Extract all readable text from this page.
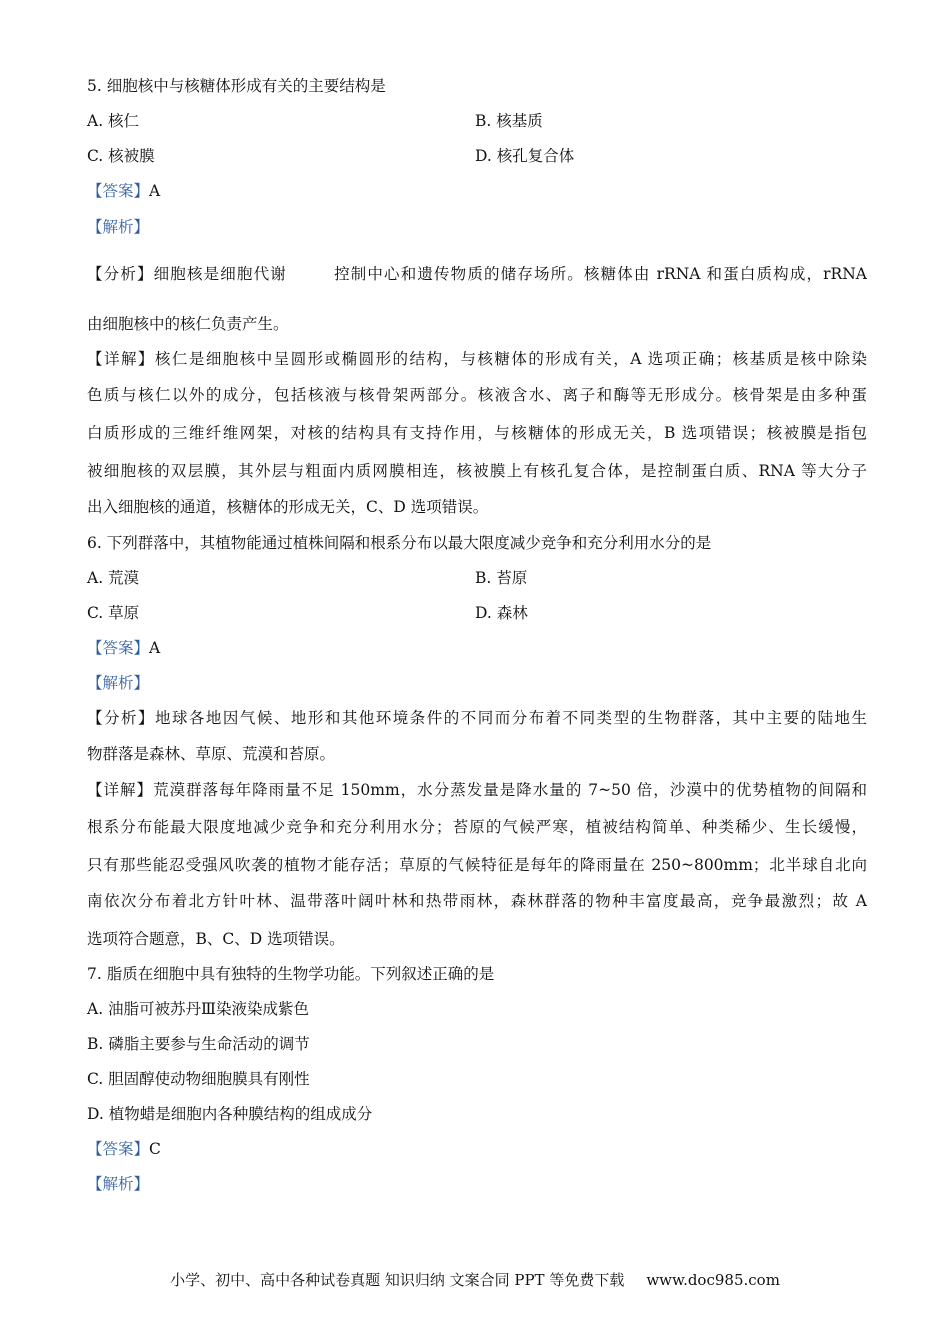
5. 细胞核中与核糖体形成有关的主要结构是
A. 核仁	B. 核基质
C. 核被膜	D. 核孔复合体
【答案】A
【解析】
【分析】细胞核是细胞代谢	控制中心和遗传物质的储存场所。核糖体由 rRNA 和蛋白质构成，rRNA
由细胞核中的核仁负责产生。
【详解】核仁是细胞核中呈圆形或椭圆形的结构，与核糖体的形成有关，A 选项正确；核基质是核中除染
色质与核仁以外的成分，包括核液与核骨架两部分。核液含水、离子和酶等无形成分。核骨架是由多种蛋
白质形成的三维纤维网架，对核的结构具有支持作用，与核糖体的形成无关，B 选项错误；核被膜是指包
被细胞核的双层膜，其外层与粗面内质网膜相连，核被膜上有核孔复合体，是控制蛋白质、RNA 等大分子
出入细胞核的通道，核糖体的形成无关，C、D 选项错误。
6. 下列群落中，其植物能通过植株间隔和根系分布以最大限度减少竞争和充分利用水分的是
A. 荒漠	B. 苔原
C. 草原	D. 森林
【答案】A
【解析】
【分析】地球各地因气候、地形和其他环境条件的不同而分布着不同类型的生物群落，其中主要的陆地生
物群落是森林、草原、荒漠和苔原。
【详解】荒漠群落每年降雨量不足 150mm，水分蒸发量是降水量的 7~50 倍，沙漠中的优势植物的间隔和
根系分布能最大限度地减少竞争和充分利用水分；苔原的气候严寒，植被结构简单、种类稀少、生长缓慢，
只有那些能忍受强风吹袭的植物才能存活；草原的气候特征是每年的降雨量在 250~800mm；北半球自北向
南依次分布着北方针叶林、温带落叶阔叶林和热带雨林，森林群落的物种丰富度最高，竞争最激烈；故 A
选项符合题意，B、C、D 选项错误。
7. 脂质在细胞中具有独特的生物学功能。下列叙述正确的是
A. 油脂可被苏丹Ⅲ染液染成紫色
B. 磷脂主要参与生命活动的调节
C. 胆固醇使动物细胞膜具有刚性
D. 植物蜡是细胞内各种膜结构的组成成分
【答案】C
【解析】
小学、初中、高中各种试卷真题 知识归纳 文案合同 PPT 等免费下载 www.doc985.com
